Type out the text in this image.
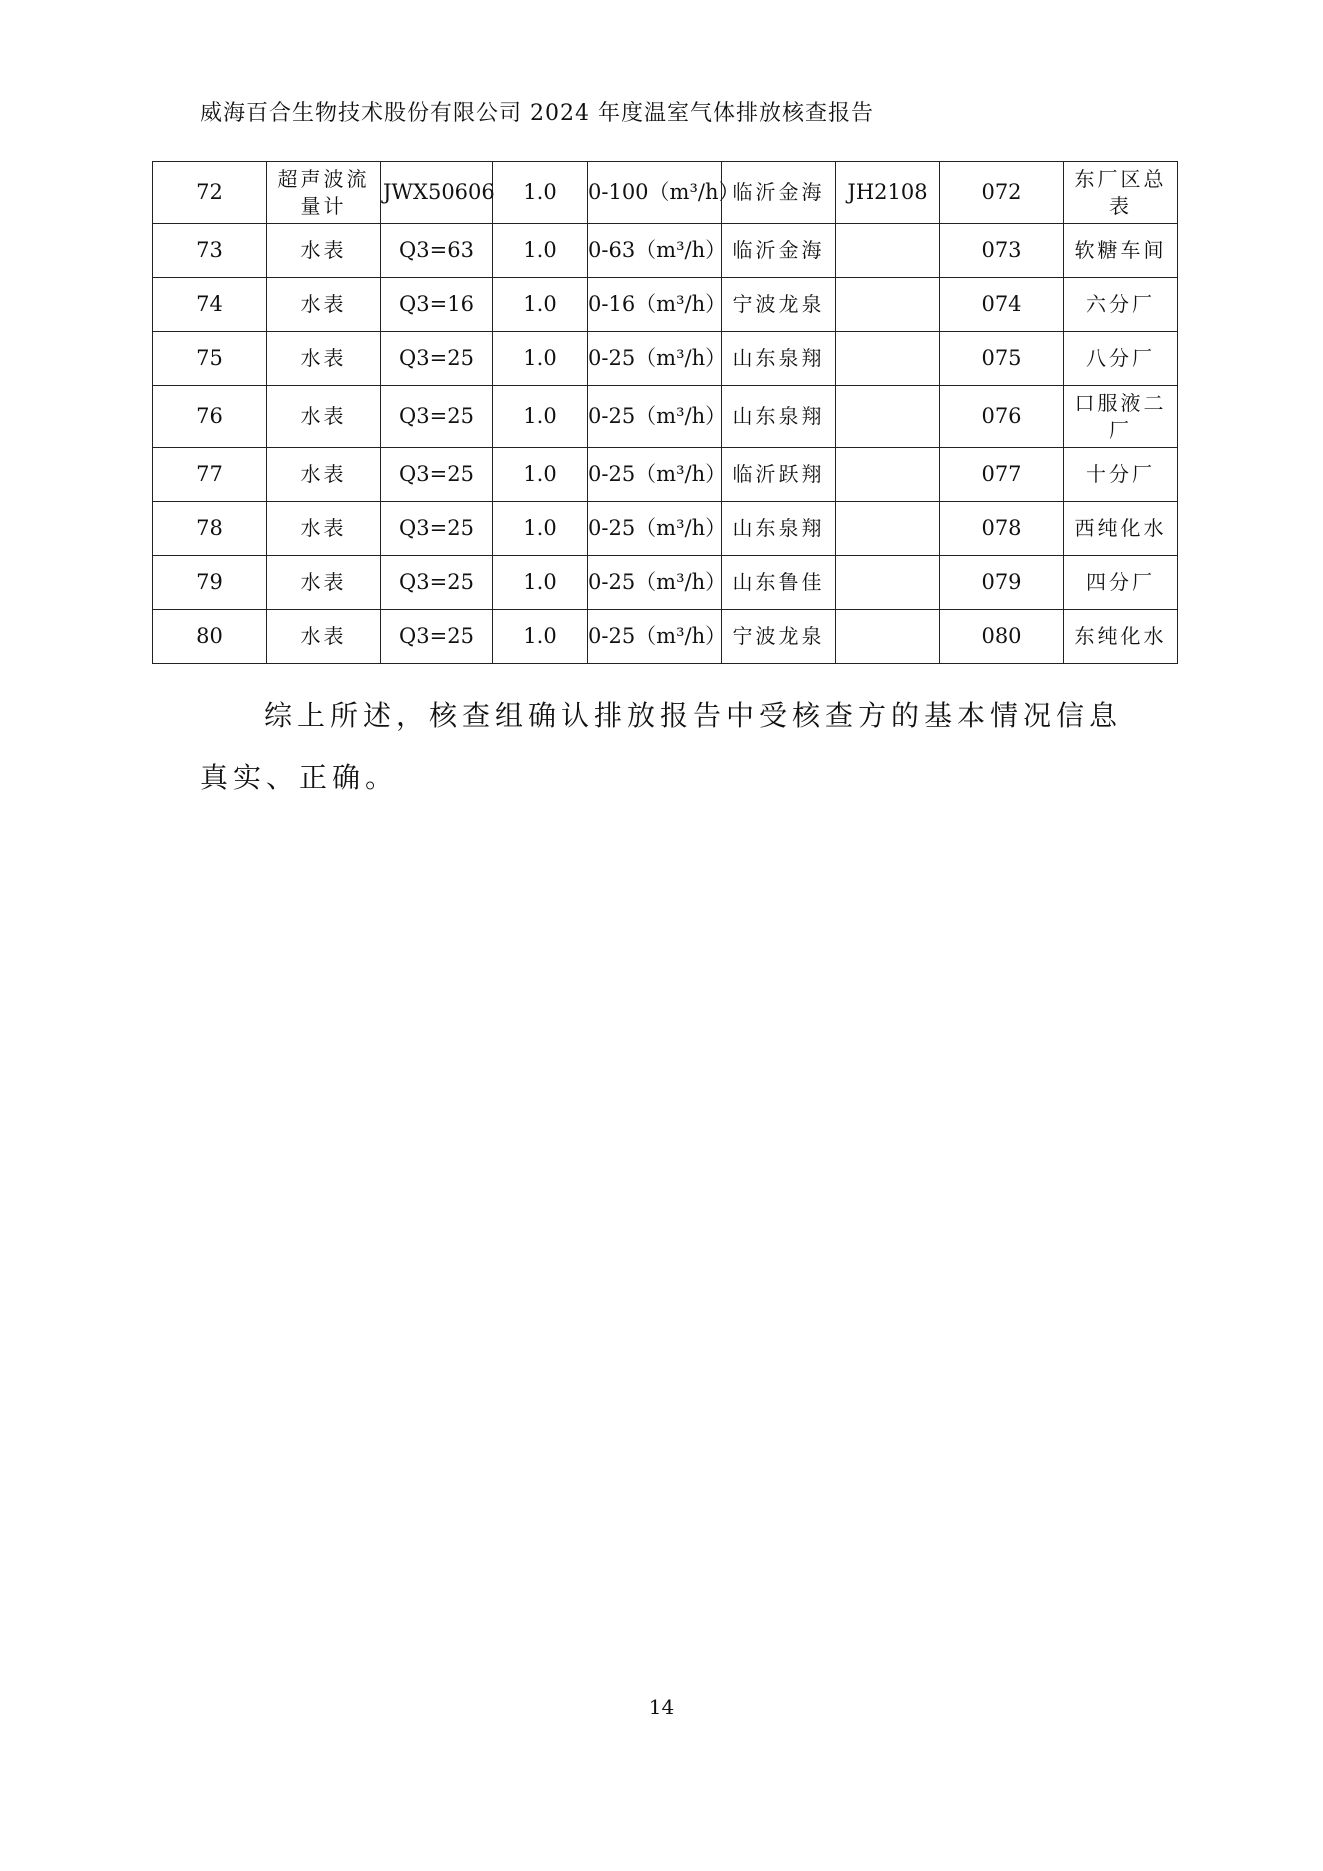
威海百合生物技术股份有限公司 2024 年度温室气体排放核查报告
72	超声波流量计	JWX50606	1.0	0-100（m³/h）	临沂金海	JH2108	072	东厂区总表
73	水表	Q3=63	1.0	0-63（m³/h）	临沂金海		073	软糖车间
74	水表	Q3=16	1.0	0-16（m³/h）	宁波龙泉		074	六分厂
75	水表	Q3=25	1.0	0-25（m³/h）	山东泉翔		075	八分厂
76	水表	Q3=25	1.0	0-25（m³/h）	山东泉翔		076	口服液二厂
77	水表	Q3=25	1.0	0-25（m³/h）	临沂跃翔		077	十分厂
78	水表	Q3=25	1.0	0-25（m³/h）	山东泉翔		078	西纯化水
79	水表	Q3=25	1.0	0-25（m³/h）	山东鲁佳		079	四分厂
80	水表	Q3=25	1.0	0-25（m³/h）	宁波龙泉		080	东纯化水

综上所述，核查组确认排放报告中受核查方的基本情况信息真实、正确。

14
